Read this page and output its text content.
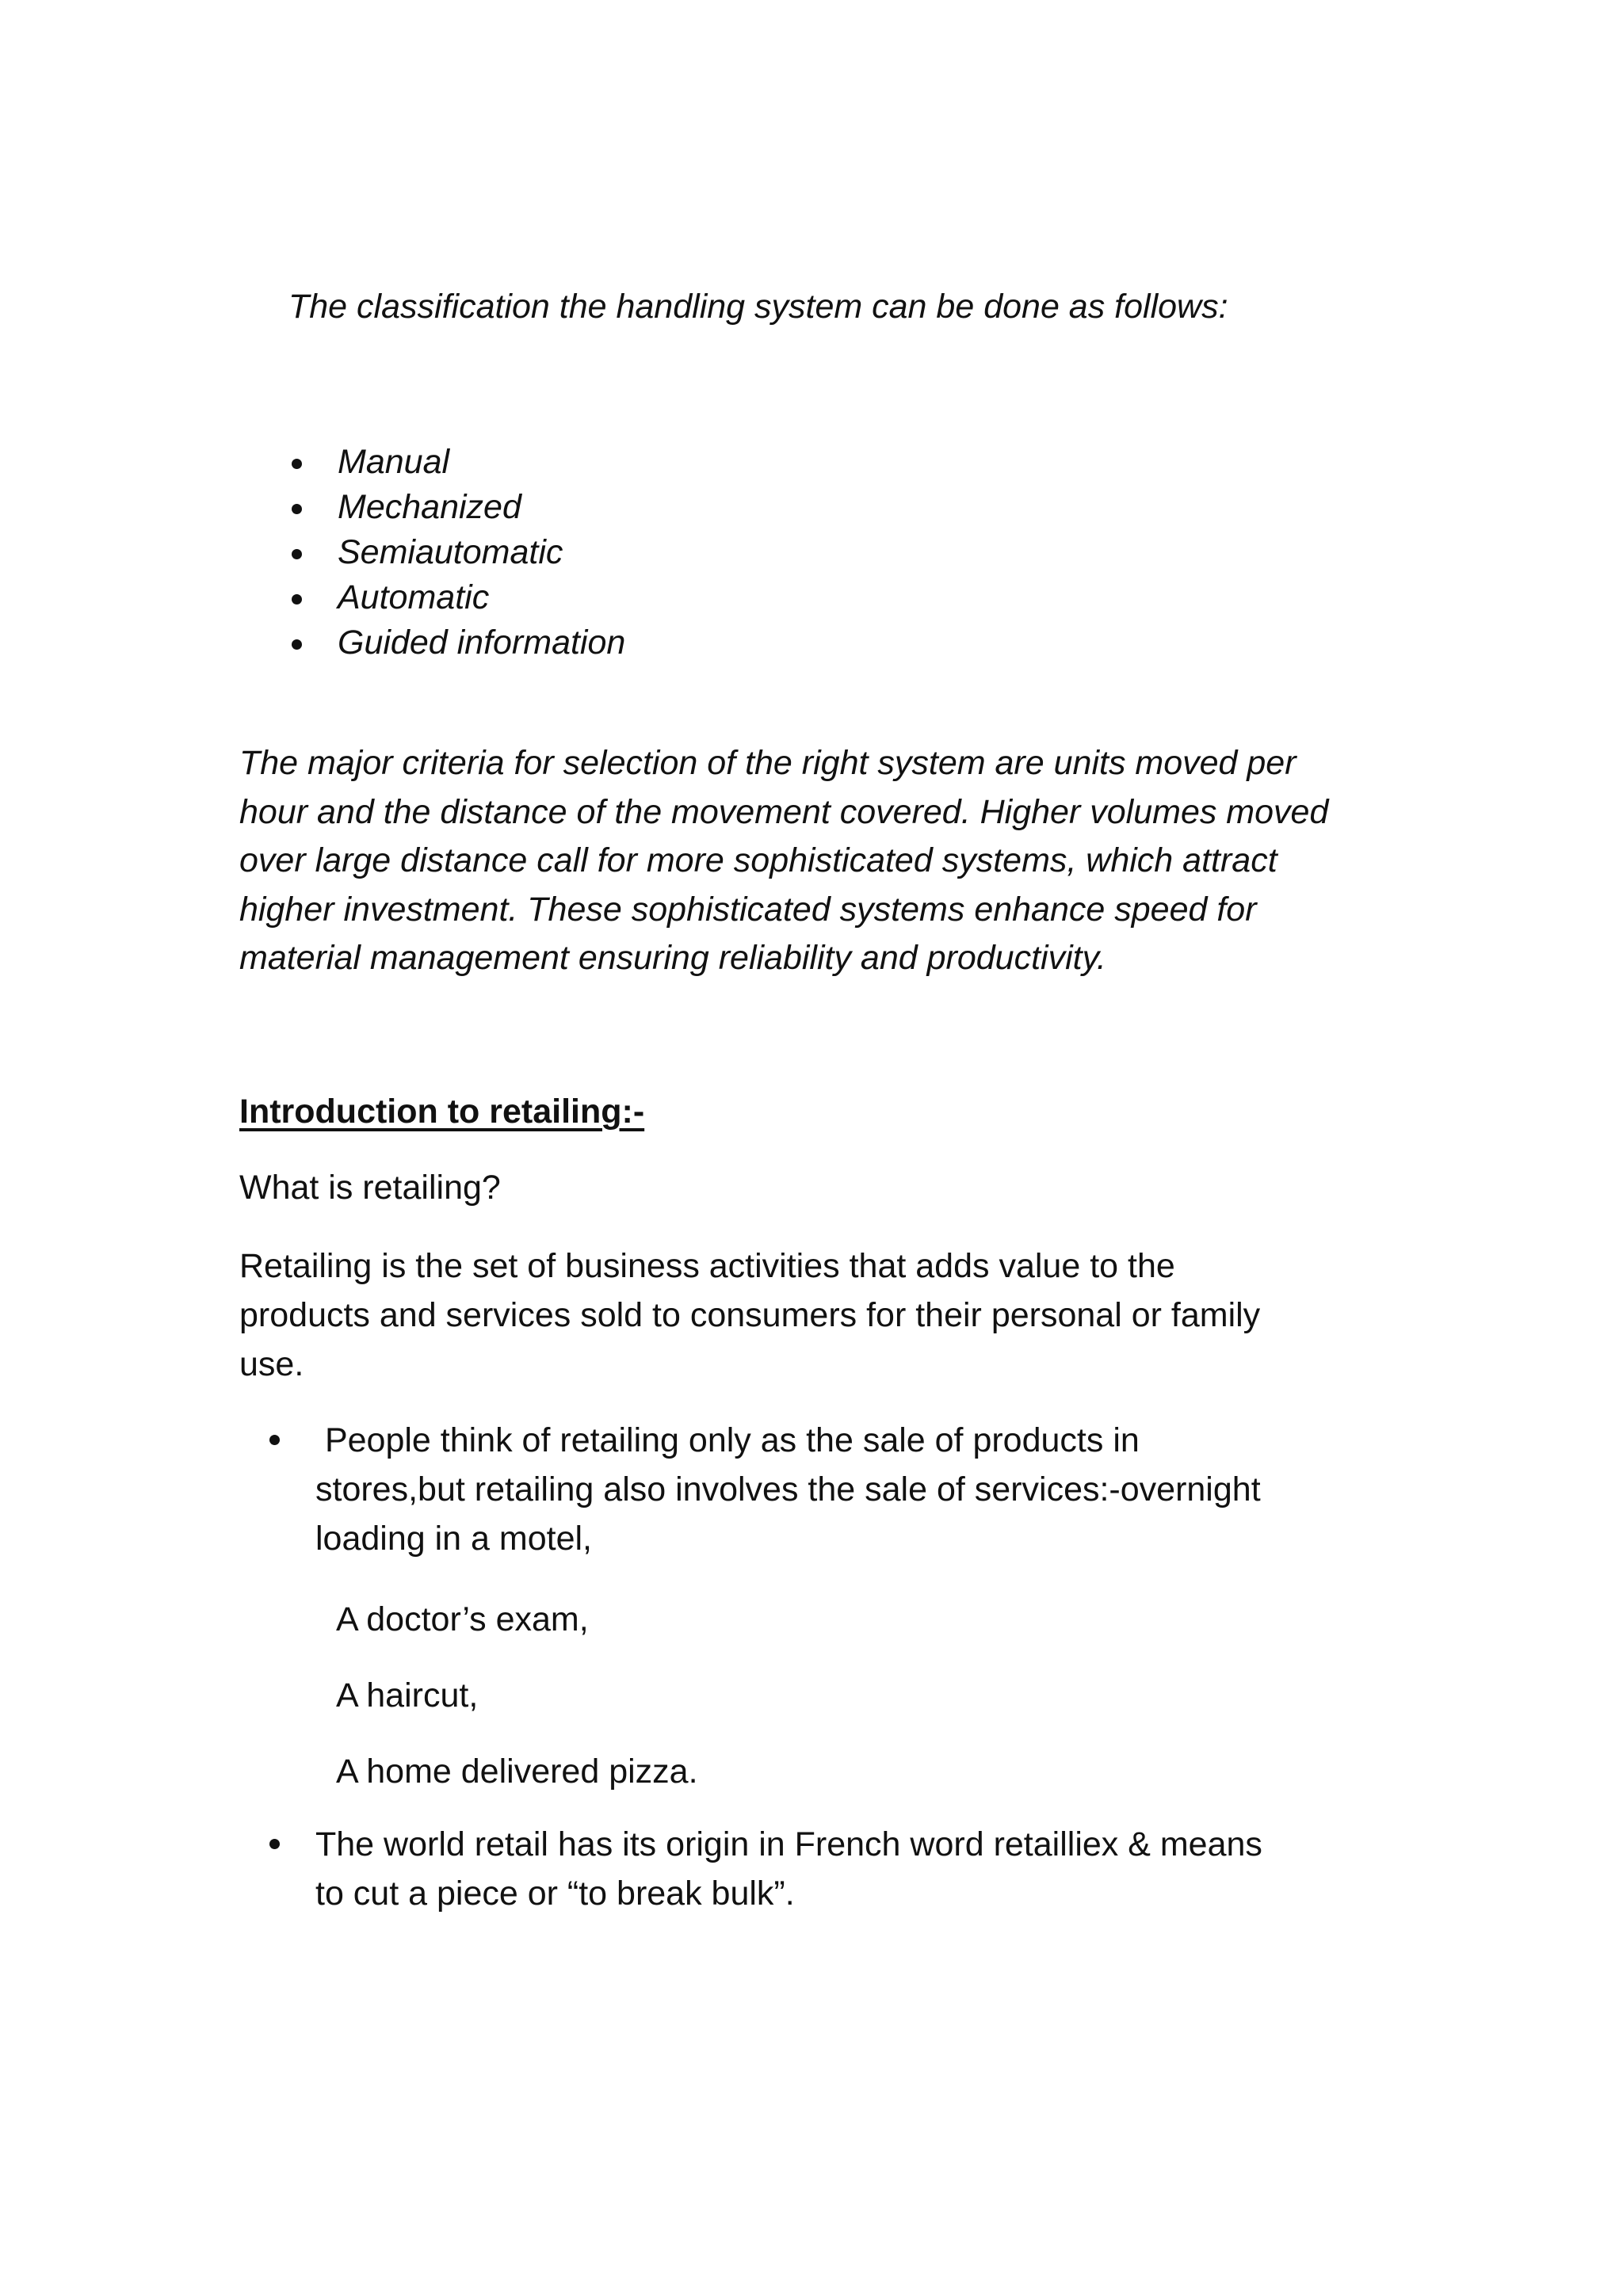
The classification the handling system can be done as follows:

Manual
Mechanized
Semiautomatic
Automatic
Guided information

The major criteria for selection of the right system are units moved per
hour and the distance of the movement covered. Higher volumes moved
over large distance call for more sophisticated systems, which attract
higher investment. These sophisticated systems enhance speed for
material management ensuring reliability and productivity.

Introduction to retailing:-

What is retailing?

Retailing is the set of business activities that adds value to the
products and services sold to consumers for their personal or family
use.

People think of retailing only as the sale of products in
stores,but retailing also involves the sale of services:-overnight
loading in a motel,

A doctor’s exam,

A haircut,

A home delivered pizza.

The world retail has its origin in French word retailliex & means
to cut a piece or “to break bulk”.
